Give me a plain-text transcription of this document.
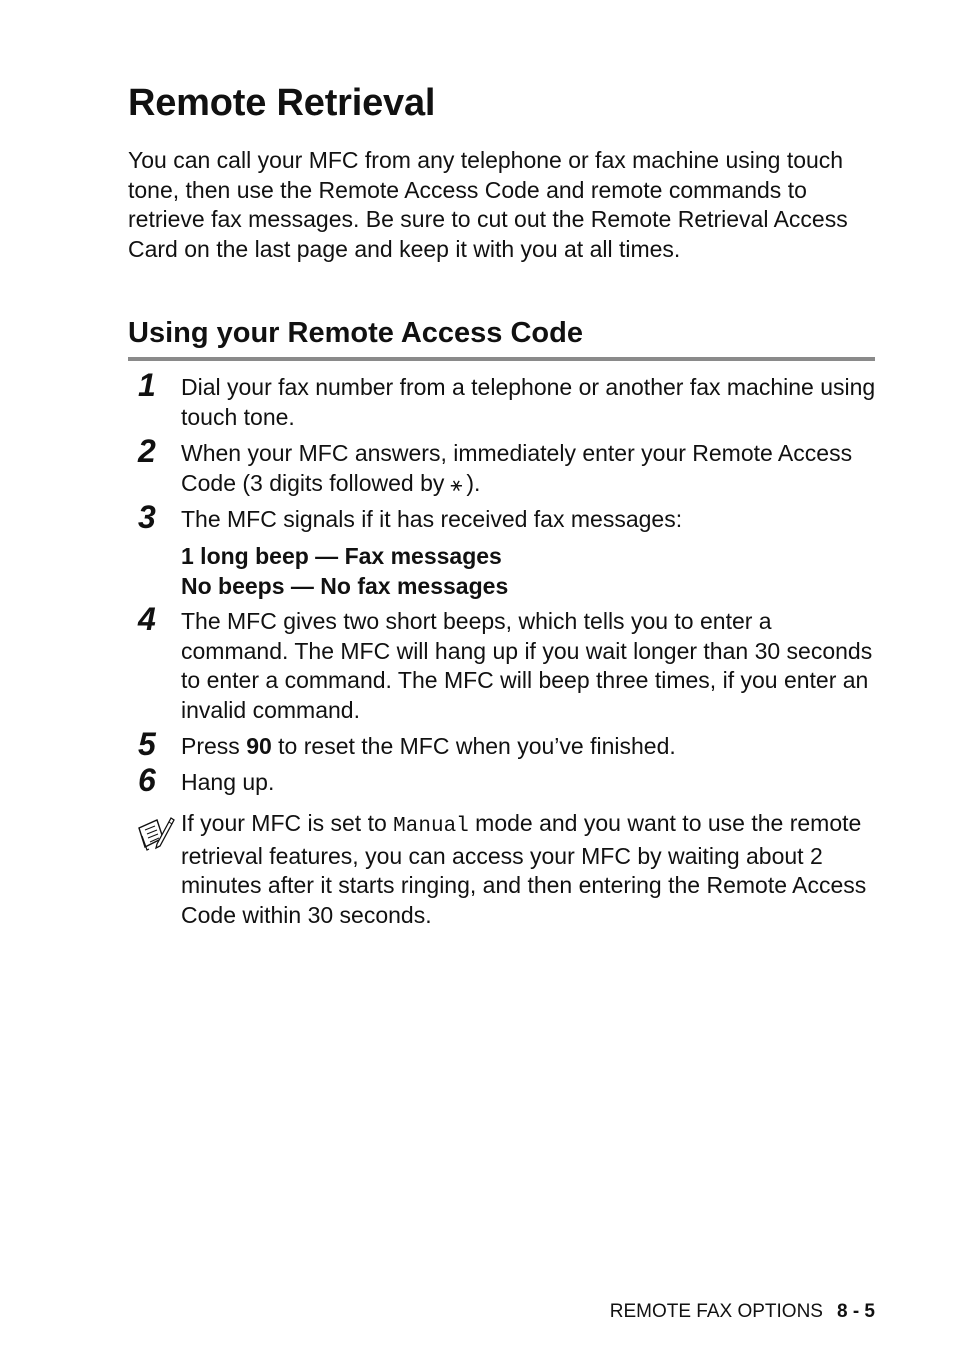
Remote Retrieval

You can call your MFC from any telephone or fax machine using touch tone, then use the Remote Access Code and remote commands to retrieve fax messages. Be sure to cut out the Remote Retrieval Access Card on the last page and keep it with you at all times.

Using your Remote Access Code
1 Dial your fax number from a telephone or another fax machine using touch tone.

2 When your MFC answers, immediately enter your Remote Access Code (3 digits followed by ⚹ ).

3 The MFC signals if it has received fax messages:

1 long beep — Fax messages
No beeps — No fax messages
4 The MFC gives two short beeps, which tells you to enter a command. The MFC will hang up if you wait longer than 30 seconds to enter a command. The MFC will beep three times, if you enter an invalid command.

5 Press 90 to reset the MFC when you’ve finished.

6 Hang up.

If your MFC is set to Manual mode and you want to use the remote retrieval features, you can access your MFC by waiting about 2 minutes after it starts ringing, and then entering the Remote Access Code within 30 seconds.

REMOTE FAX OPTIONS 8 - 5
